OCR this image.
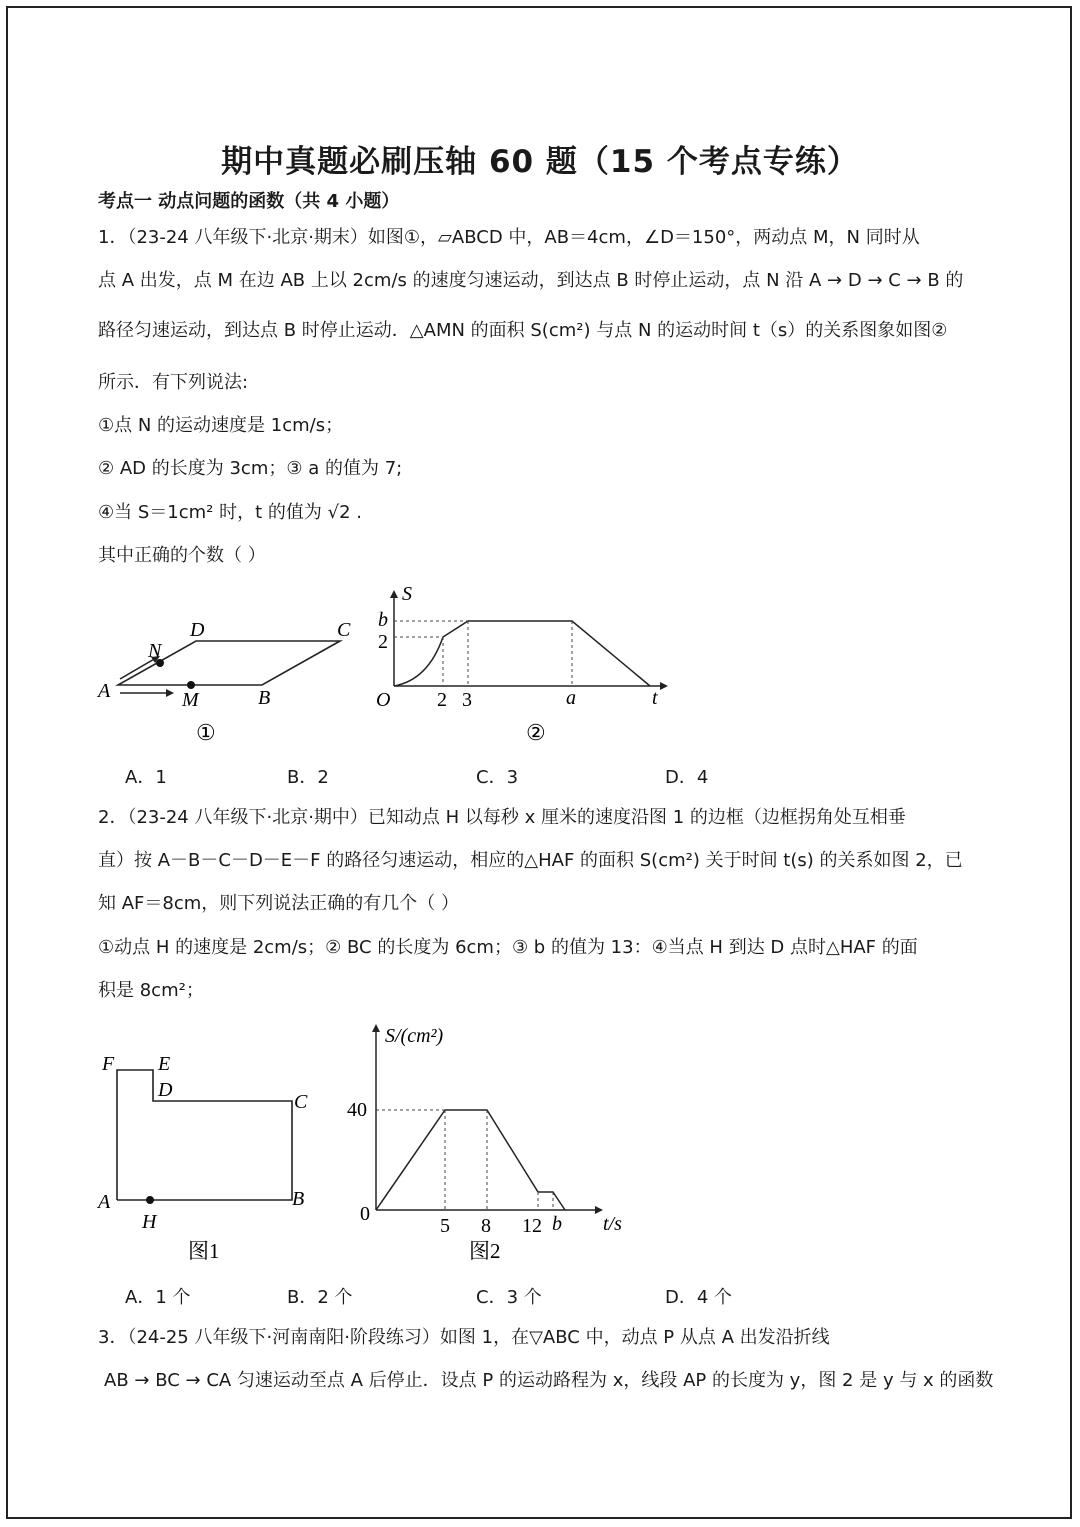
期中真题必刷压轴 60 题（15 个考点专练）
考点一 动点问题的函数（共 4 小题）
1．（23-24 八年级下·北京·期末）如图①，▱ABCD 中，AB＝4cm，∠D＝150°，两动点 M，N 同时从
点 A 出发，点 M 在边 AB 上以 2cm/s 的速度匀速运动，到达点 B 时停止运动，点 N 沿 A → D → C → B 的
路径匀速运动，到达点 B 时停止运动．△AMN 的面积 S(cm²) 与点 N 的运动时间 t（s）的关系图象如图②
所示．有下列说法:
①点 N 的运动速度是 1cm/s；
② AD 的长度为 3cm；③ a 的值为 7;
④当 S＝1cm² 时，t 的值为 √2 .
其中正确的个数（ ）
A	B
C
D
M
N
①
S
t
O
b
2
2 3	a
②
A．1	B．2	C．3	D．4
2．（23-24 八年级下·北京·期中）已知动点 H 以每秒 x 厘米的速度沿图 1 的边框（边框拐角处互相垂
直）按 A－B－C－D－E－F 的路径匀速运动，相应的△HAF 的面积 S(cm²) 关于时间 t(s) 的关系如图 2，已
知 AF＝8cm，则下列说法正确的有几个（ ）
①动点 H 的速度是 2cm/s；② BC 的长度为 6cm；③ b 的值为 13：④当点 H 到达 D 点时△HAF 的面
积是 8cm²；
F E
D
C
A	B
H
图1
S/(cm²)
40
0
5 8 12 b t/s
图2
A．1 个	B．2 个	C．3 个	D．4 个
3．（24-25 八年级下·河南南阳·阶段练习）如图 1，在▽ABC 中，动点 P 从点 A 出发沿折线
AB → BC → CA 匀速运动至点 A 后停止．设点 P 的运动路程为 x，线段 AP 的长度为 y，图 2 是 y 与 x 的函数
